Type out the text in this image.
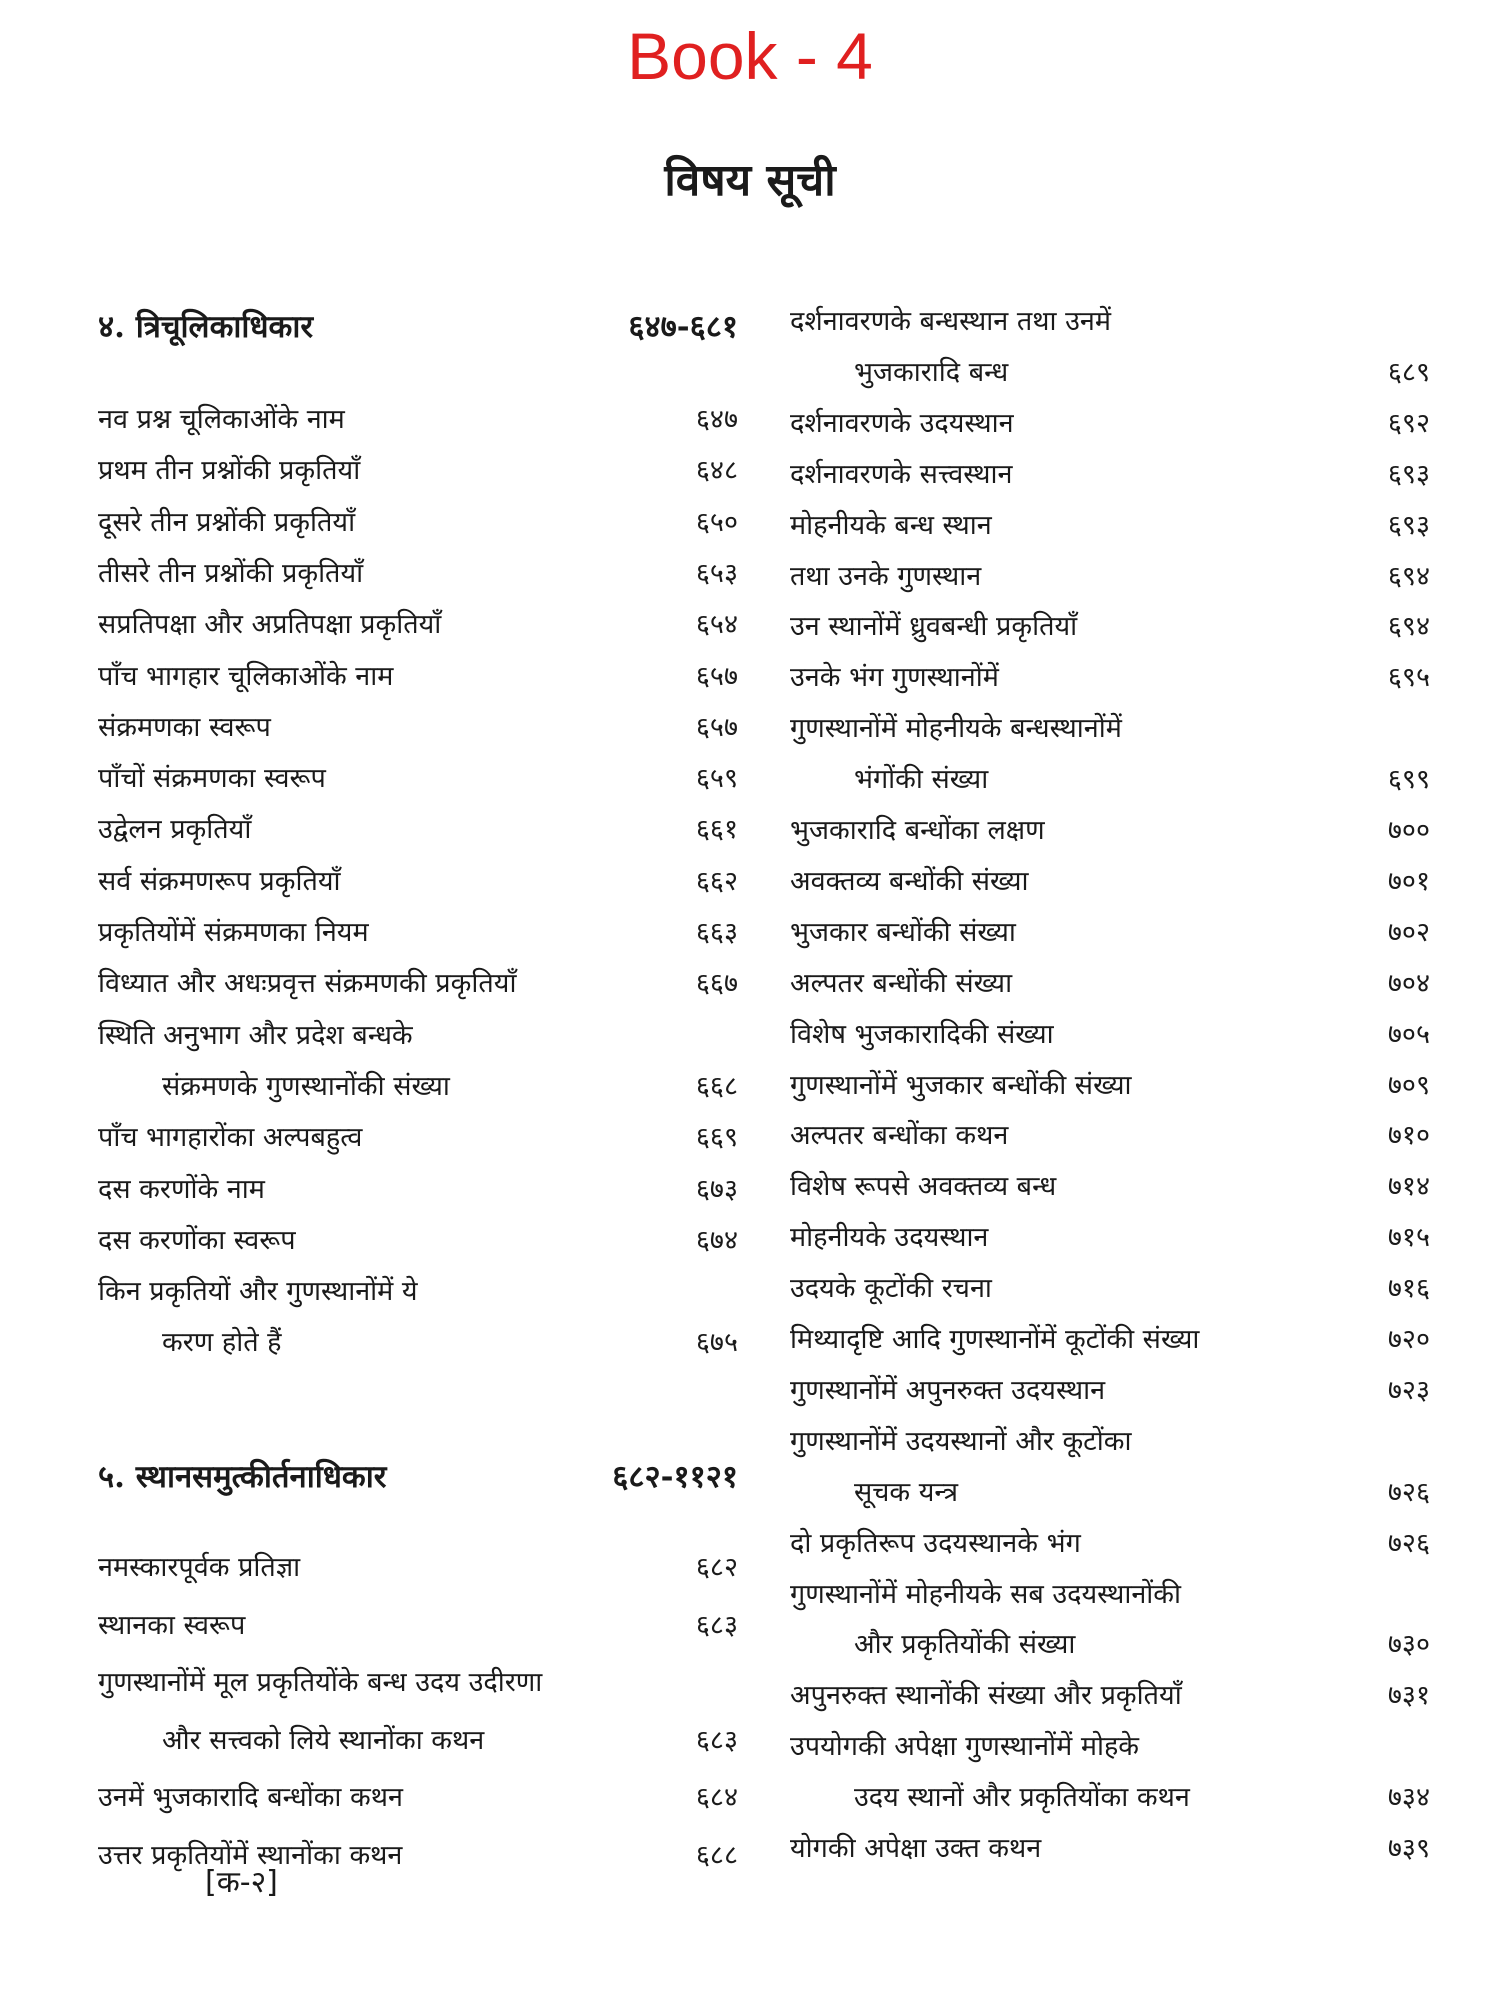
Book - 4
विषय सूची
४. त्रिचूलिकाधिकार	६४७-६८१
नव प्रश्न चूलिकाओंके नाम	६४७
प्रथम तीन प्रश्नोंकी प्रकृतियाँ	६४८
दूसरे तीन प्रश्नोंकी प्रकृतियाँ	६५०
तीसरे तीन प्रश्नोंकी प्रकृतियाँ	६५३
सप्रतिपक्षा और अप्रतिपक्षा प्रकृतियाँ	६५४
पाँच भागहार चूलिकाओंके नाम	६५७
संक्रमणका स्वरूप	६५७
पाँचों संक्रमणका स्वरूप	६५९
उद्वेलन प्रकृतियाँ	६६१
सर्व संक्रमणरूप प्रकृतियाँ	६६२
प्रकृतियोंमें संक्रमणका नियम	६६३
विध्यात और अधःप्रवृत्त संक्रमणकी प्रकृतियाँ	६६७
स्थिति अनुभाग और प्रदेश बन्धके
संक्रमणके गुणस्थानोंकी संख्या	६६८
पाँच भागहारोंका अल्पबहुत्व	६६९
दस करणोंके नाम	६७३
दस करणोंका स्वरूप	६७४
किन प्रकृतियों और गुणस्थानोंमें ये
करण होते हैं	६७५
५. स्थानसमुत्कीर्तनाधिकार	६८२-११२१
नमस्कारपूर्वक प्रतिज्ञा	६८२
स्थानका स्वरूप	६८३
गुणस्थानोंमें मूल प्रकृतियोंके बन्ध उदय उदीरणा
और सत्त्वको लिये स्थानोंका कथन	६८३
उनमें भुजकारादि बन्धोंका कथन	६८४
उत्तर प्रकृतियोंमें स्थानोंका कथन	६८८
दर्शनावरणके बन्धस्थान तथा उनमें
भुजकारादि बन्ध	६८९
दर्शनावरणके उदयस्थान	६९२
दर्शनावरणके सत्त्वस्थान	६९३
मोहनीयके बन्ध स्थान	६९३
तथा उनके गुणस्थान	६९४
उन स्थानोंमें ध्रुवबन्धी प्रकृतियाँ	६९४
उनके भंग गुणस्थानोंमें	६९५
गुणस्थानोंमें मोहनीयके बन्धस्थानोंमें
भंगोंकी संख्या	६९९
भुजकारादि बन्धोंका लक्षण	७००
अवक्तव्य बन्धोंकी संख्या	७०१
भुजकार बन्धोंकी संख्या	७०२
अल्पतर बन्धोंकी संख्या	७०४
विशेष भुजकारादिकी संख्या	७०५
गुणस्थानोंमें भुजकार बन्धोंकी संख्या	७०९
अल्पतर बन्धोंका कथन	७१०
विशेष रूपसे अवक्तव्य बन्ध	७१४
मोहनीयके उदयस्थान	७१५
उदयके कूटोंकी रचना	७१६
मिथ्यादृष्टि आदि गुणस्थानोंमें कूटोंकी संख्या	७२०
गुणस्थानोंमें अपुनरुक्त उदयस्थान	७२३
गुणस्थानोंमें उदयस्थानों और कूटोंका
सूचक यन्त्र	७२६
दो प्रकृतिरूप उदयस्थानके भंग	७२६
गुणस्थानोंमें मोहनीयके सब उदयस्थानोंकी
और प्रकृतियोंकी संख्या	७३०
अपुनरुक्त स्थानोंकी संख्या और प्रकृतियाँ	७३१
उपयोगकी अपेक्षा गुणस्थानोंमें मोहके
उदय स्थानों और प्रकृतियोंका कथन	७३४
योगकी अपेक्षा उक्त कथन	७३९
[क-२]
